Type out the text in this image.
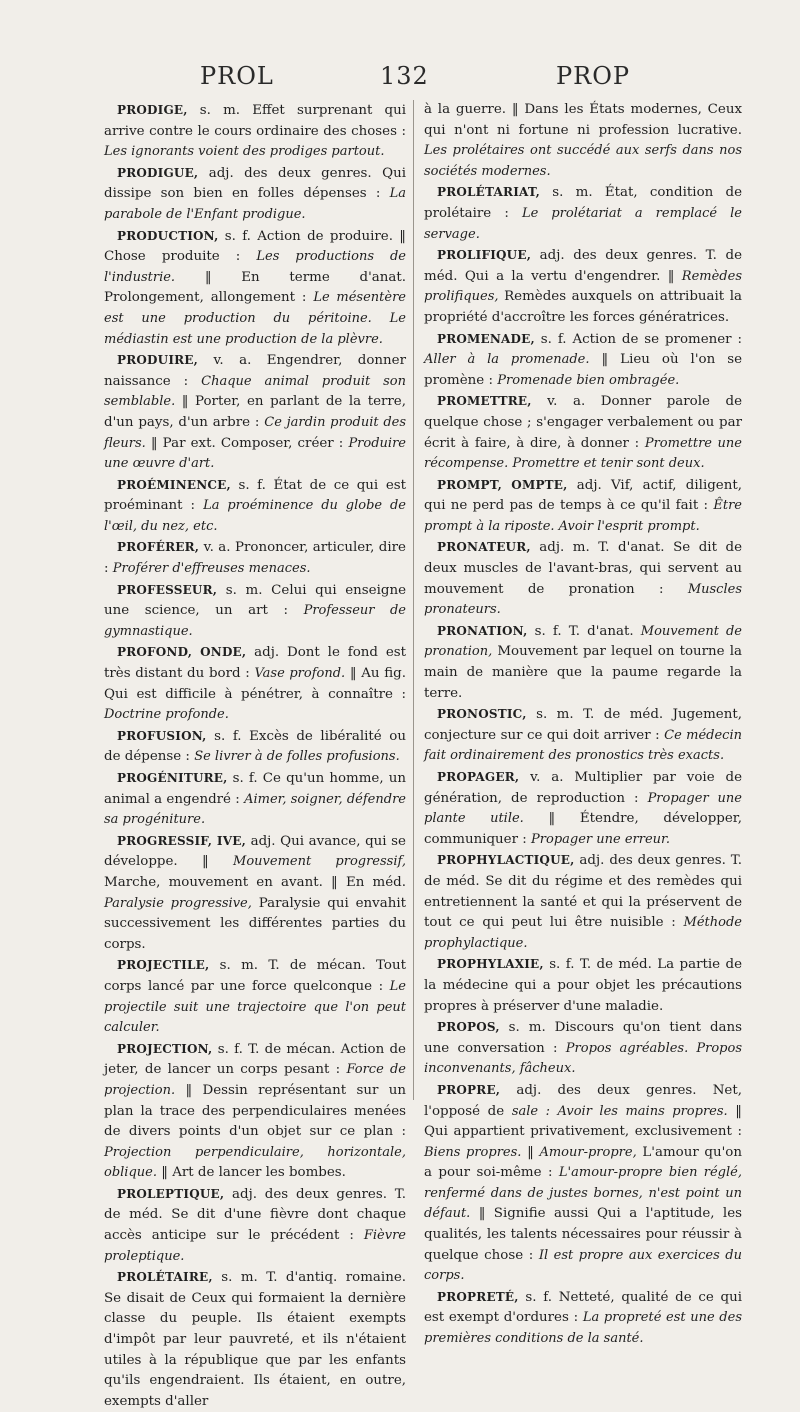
PROL	132	PROP

PRODIGE, s. m. Effet surprenant qui arrive contre le cours ordinaire des choses : Les ignorants voient des prodiges partout.

PRODIGUE, adj. des deux genres. Qui dissipe son bien en folles dépenses : La parabole de l'Enfant prodigue.

PRODUCTION, s. f. Action de produire. ‖ Chose produite : Les productions de l'industrie. ‖ En terme d'anat. Prolongement, allongement : Le mésentère est une production du péritoine. Le médiastin est une production de la plèvre.

PRODUIRE, v. a. Engendrer, donner naissance : Chaque animal produit son semblable. ‖ Porter, en parlant de la terre, d'un pays, d'un arbre : Ce jardin produit des fleurs. ‖ Par ext. Composer, créer : Produire une œuvre d'art.

PROÉMINENCE, s. f. État de ce qui est proéminant : La proéminence du globe de l'œil, du nez, etc.

PROFÉRER, v. a. Prononcer, articuler, dire : Proférer d'effreuses menaces.

PROFESSEUR, s. m. Celui qui enseigne une science, un art : Professeur de gymnastique.

PROFOND, ONDE, adj. Dont le fond est très distant du bord : Vase profond. ‖ Au fig. Qui est difficile à pénétrer, à connaître : Doctrine profonde.

PROFUSION, s. f. Excès de libéralité ou de dépense : Se livrer à de folles profusions.

PROGÉNITURE, s. f. Ce qu'un homme, un animal a engendré : Aimer, soigner, défendre sa progéniture.

PROGRESSIF, IVE, adj. Qui avance, qui se développe. ‖ Mouvement progressif, Marche, mouvement en avant. ‖ En méd. Paralysie progressive, Paralysie qui envahit successivement les différentes parties du corps.

PROJECTILE, s. m. T. de mécan. Tout corps lancé par une force quelconque : Le projectile suit une trajectoire que l'on peut calculer.

PROJECTION, s. f. T. de mécan. Action de jeter, de lancer un corps pesant : Force de projection. ‖ Dessin représentant sur un plan la trace des perpendiculaires menées de divers points d'un objet sur ce plan : Projection perpendiculaire, horizontale, oblique. ‖ Art de lancer les bombes.

PROLEPTIQUE, adj. des deux genres. T. de méd. Se dit d'une fièvre dont chaque accès anticipe sur le précédent : Fièvre proleptique.

PROLÉTAIRE, s. m. T. d'antiq. romaine. Se disait de Ceux qui formaient la dernière classe du peuple. Ils étaient exempts d'impôt par leur pauvreté, et ils n'étaient utiles à la république que par les enfants qu'ils engendraient. Ils étaient, en outre, exempts d'aller

à la guerre. ‖ Dans les États modernes, Ceux qui n'ont ni fortune ni profession lucrative. Les prolétaires ont succédé aux serfs dans nos sociétés modernes.

PROLÉTARIAT, s. m. État, condition de prolétaire : Le prolétariat a remplacé le servage.

PROLIFIQUE, adj. des deux genres. T. de méd. Qui a la vertu d'engendrer. ‖ Remèdes prolifiques, Remèdes auxquels on attribuait la propriété d'accroître les forces génératrices.

PROMENADE, s. f. Action de se promener : Aller à la promenade. ‖ Lieu où l'on se promène : Promenade bien ombragée.

PROMETTRE, v. a. Donner parole de quelque chose ; s'engager verbalement ou par écrit à faire, à dire, à donner : Promettre une récompense. Promettre et tenir sont deux.

PROMPT, OMPTE, adj. Vif, actif, diligent, qui ne perd pas de temps à ce qu'il fait : Être prompt à la riposte. Avoir l'esprit prompt.

PRONATEUR, adj. m. T. d'anat. Se dit de deux muscles de l'avant-bras, qui servent au mouvement de pronation : Muscles pronateurs.

PRONATION, s. f. T. d'anat. Mouvement de pronation, Mouvement par lequel on tourne la main de manière que la paume regarde la terre.

PRONOSTIC, s. m. T. de méd. Jugement, conjecture sur ce qui doit arriver : Ce médecin fait ordinairement des pronostics très exacts.

PROPAGER, v. a. Multiplier par voie de génération, de reproduction : Propager une plante utile. ‖ Étendre, développer, communiquer : Propager une erreur.

PROPHYLACTIQUE, adj. des deux genres. T. de méd. Se dit du régime et des remèdes qui entretiennent la santé et qui la préservent de tout ce qui peut lui être nuisible : Méthode prophylactique.

PROPHYLAXIE, s. f. T. de méd. La partie de la médecine qui a pour objet les précautions propres à préserver d'une maladie.

PROPOS, s. m. Discours qu'on tient dans une conversation : Propos agréables. Propos inconvenants, fâcheux.

PROPRE, adj. des deux genres. Net, l'opposé de sale : Avoir les mains propres. ‖ Qui appartient privativement, exclusivement : Biens propres. ‖ Amour-propre, L'amour qu'on a pour soi-même : L'amour-propre bien réglé, renfermé dans de justes bornes, n'est point un défaut. ‖ Signifie aussi Qui a l'aptitude, les qualités, les talents nécessaires pour réussir à quelque chose : Il est propre aux exercices du corps.

PROPRETÉ, s. f. Netteté, qualité de ce qui est exempt d'ordures : La propreté est une des premières conditions de la santé.
